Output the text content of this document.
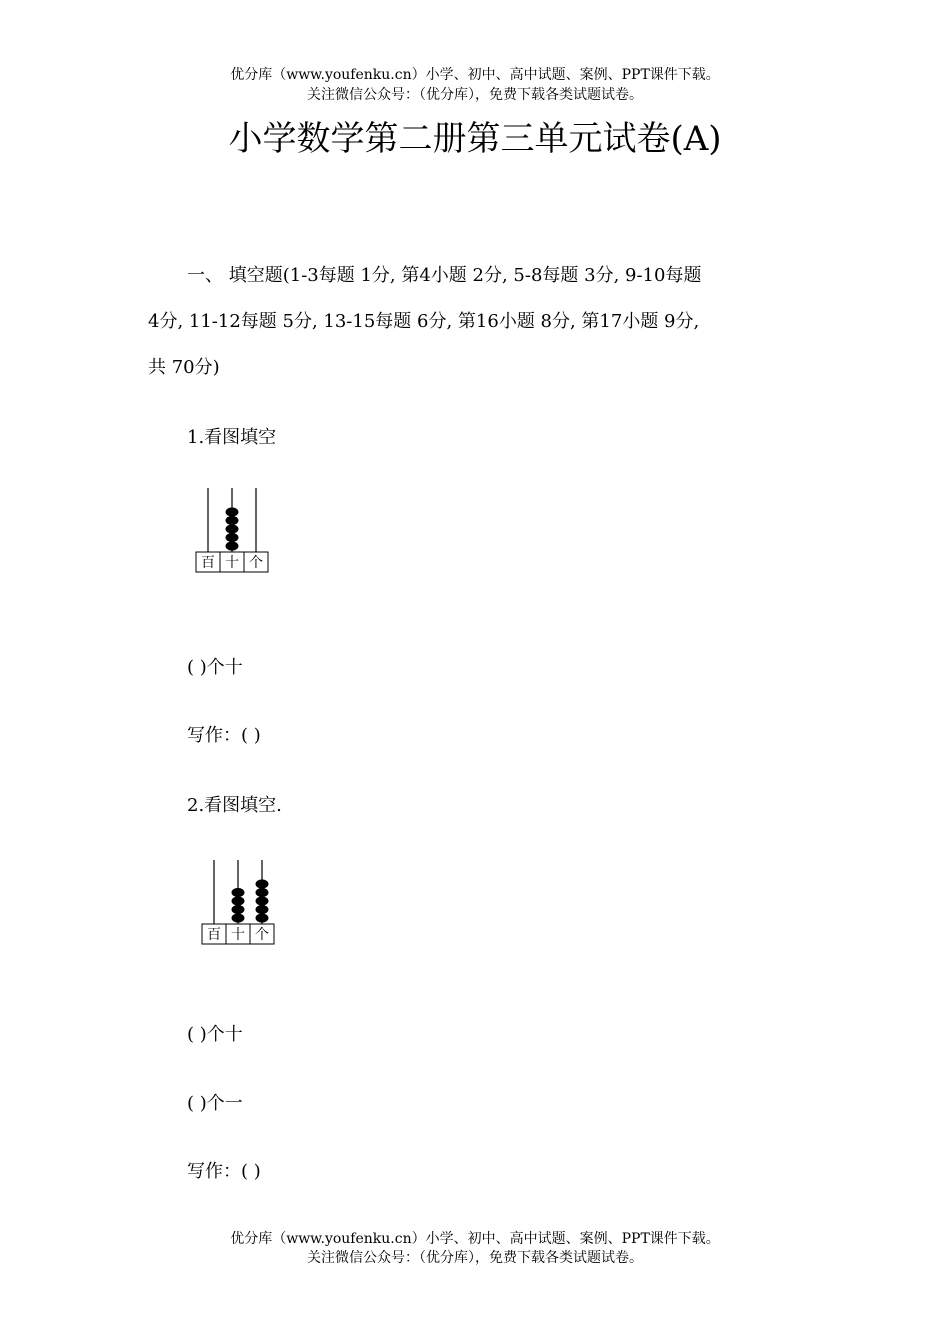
优分库（www.youfenku.cn）小学、初中、高中试题、案例、PPT课件下载。
关注微信公众号：（优分库），免费下载各类试题试卷。
小学数学第二册第三单元试卷(A)
一、 填空题(1-3每题 1分, 第4小题 2分, 5-8每题 3分, 9-10每题
4分, 11-12每题 5分, 13-15每题 6分, 第16小题 8分, 第17小题 9分,
共 70分)
1.看图填空
百 十 个
( )个十
写作：( )
2.看图填空.
百 十 个
( )个十
( )个一
写作：( )
优分库（www.youfenku.cn）小学、初中、高中试题、案例、PPT课件下载。
关注微信公众号：（优分库），免费下载各类试题试卷。
